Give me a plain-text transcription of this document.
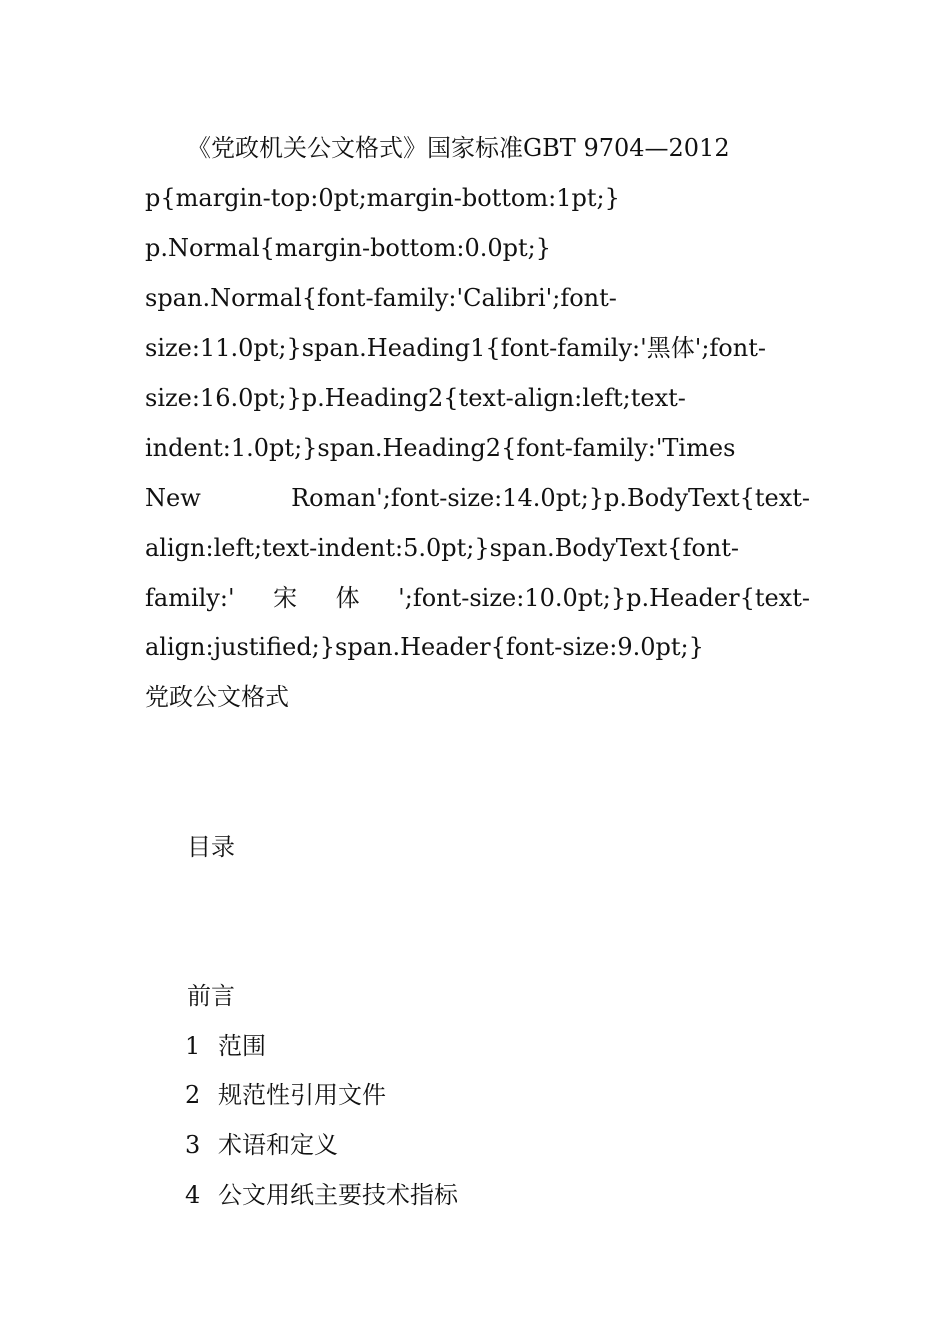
《党政机关公文格式》国家标准GBT 9704—2012
p{margin-top:0pt;margin-bottom:1pt;}
p.Normal{margin-bottom:0.0pt;}
span.Normal{font-family:'Calibri';font-
size:11.0pt;}span.Heading1{font-family:'黑体';font-
size:16.0pt;}p.Heading2{text-align:left;text-
indent:1.0pt;}span.Heading2{font-family:'Times
New	Roman';font-size:14.0pt;}p.BodyText{text-
align:left;text-indent:5.0pt;}span.BodyText{font-
family:' 宋 体 ';font-size:10.0pt;}p.Header{text-
align:justified;}span.Header{font-size:9.0pt;}
党政公文格式
目录
前言
1 范围
2 规范性引用文件
3 术语和定义
4 公文用纸主要技术指标
